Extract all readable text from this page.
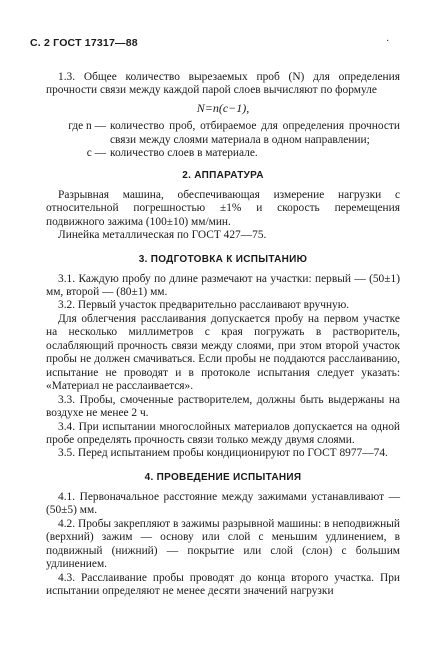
С. 2 ГОСТ 17317—88	·

1.3. Общее количество вырезаемых проб (N) для определения прочности связи между каждой парой слоев вычисляют по формуле

N=n(c−1),
где n — количество проб, отбираемое для определения прочности связи между слоями материала в одном направлении;
c — количество слоев в материале.
2. АППАРАТУРА

Разрывная машина, обеспечивающая измерение нагрузки с относительной погрешностью ±1% и скорость перемещения подвижного зажима (100±10) мм/мин.

Линейка металлическая по ГОСТ 427—75.

3. ПОДГОТОВКА К ИСПЫТАНИЮ

3.1. Каждую пробу по длине размечают на участки: первый — (50±1) мм, второй — (80±1) мм.

3.2. Первый участок предварительно расслаивают вручную.

Для облегчения расслаивания допускается пробу на первом участке на несколько миллиметров с края погружать в растворитель, ослабляющий прочность связи между слоями, при этом второй участок пробы не должен смачиваться. Если пробы не поддаются расслаиванию, испытание не проводят и в протоколе испытания следует указать: «Материал не расслаивается».

3.3. Пробы, смоченные растворителем, должны быть выдержаны на воздухе не менее 2 ч.

3.4. При испытании многослойных материалов допускается на одной пробе определять прочность связи только между двумя слоями.

3.5. Перед испытанием пробы кондиционируют по ГОСТ 8977—74.

4. ПРОВЕДЕНИЕ ИСПЫТАНИЯ

4.1. Первоначальное расстояние между зажимами устанавливают — (50±5) мм.

4.2. Пробы закрепляют в зажимы разрывной машины: в неподвижный (верхний) зажим — основу или слой с меньшим удлинением, в подвижный (нижний) — покрытие или слой (слон) с большим удлинением.

4.3. Расслаивание пробы проводят до конца второго участка. При испытании определяют не менее десяти значений нагрузки
